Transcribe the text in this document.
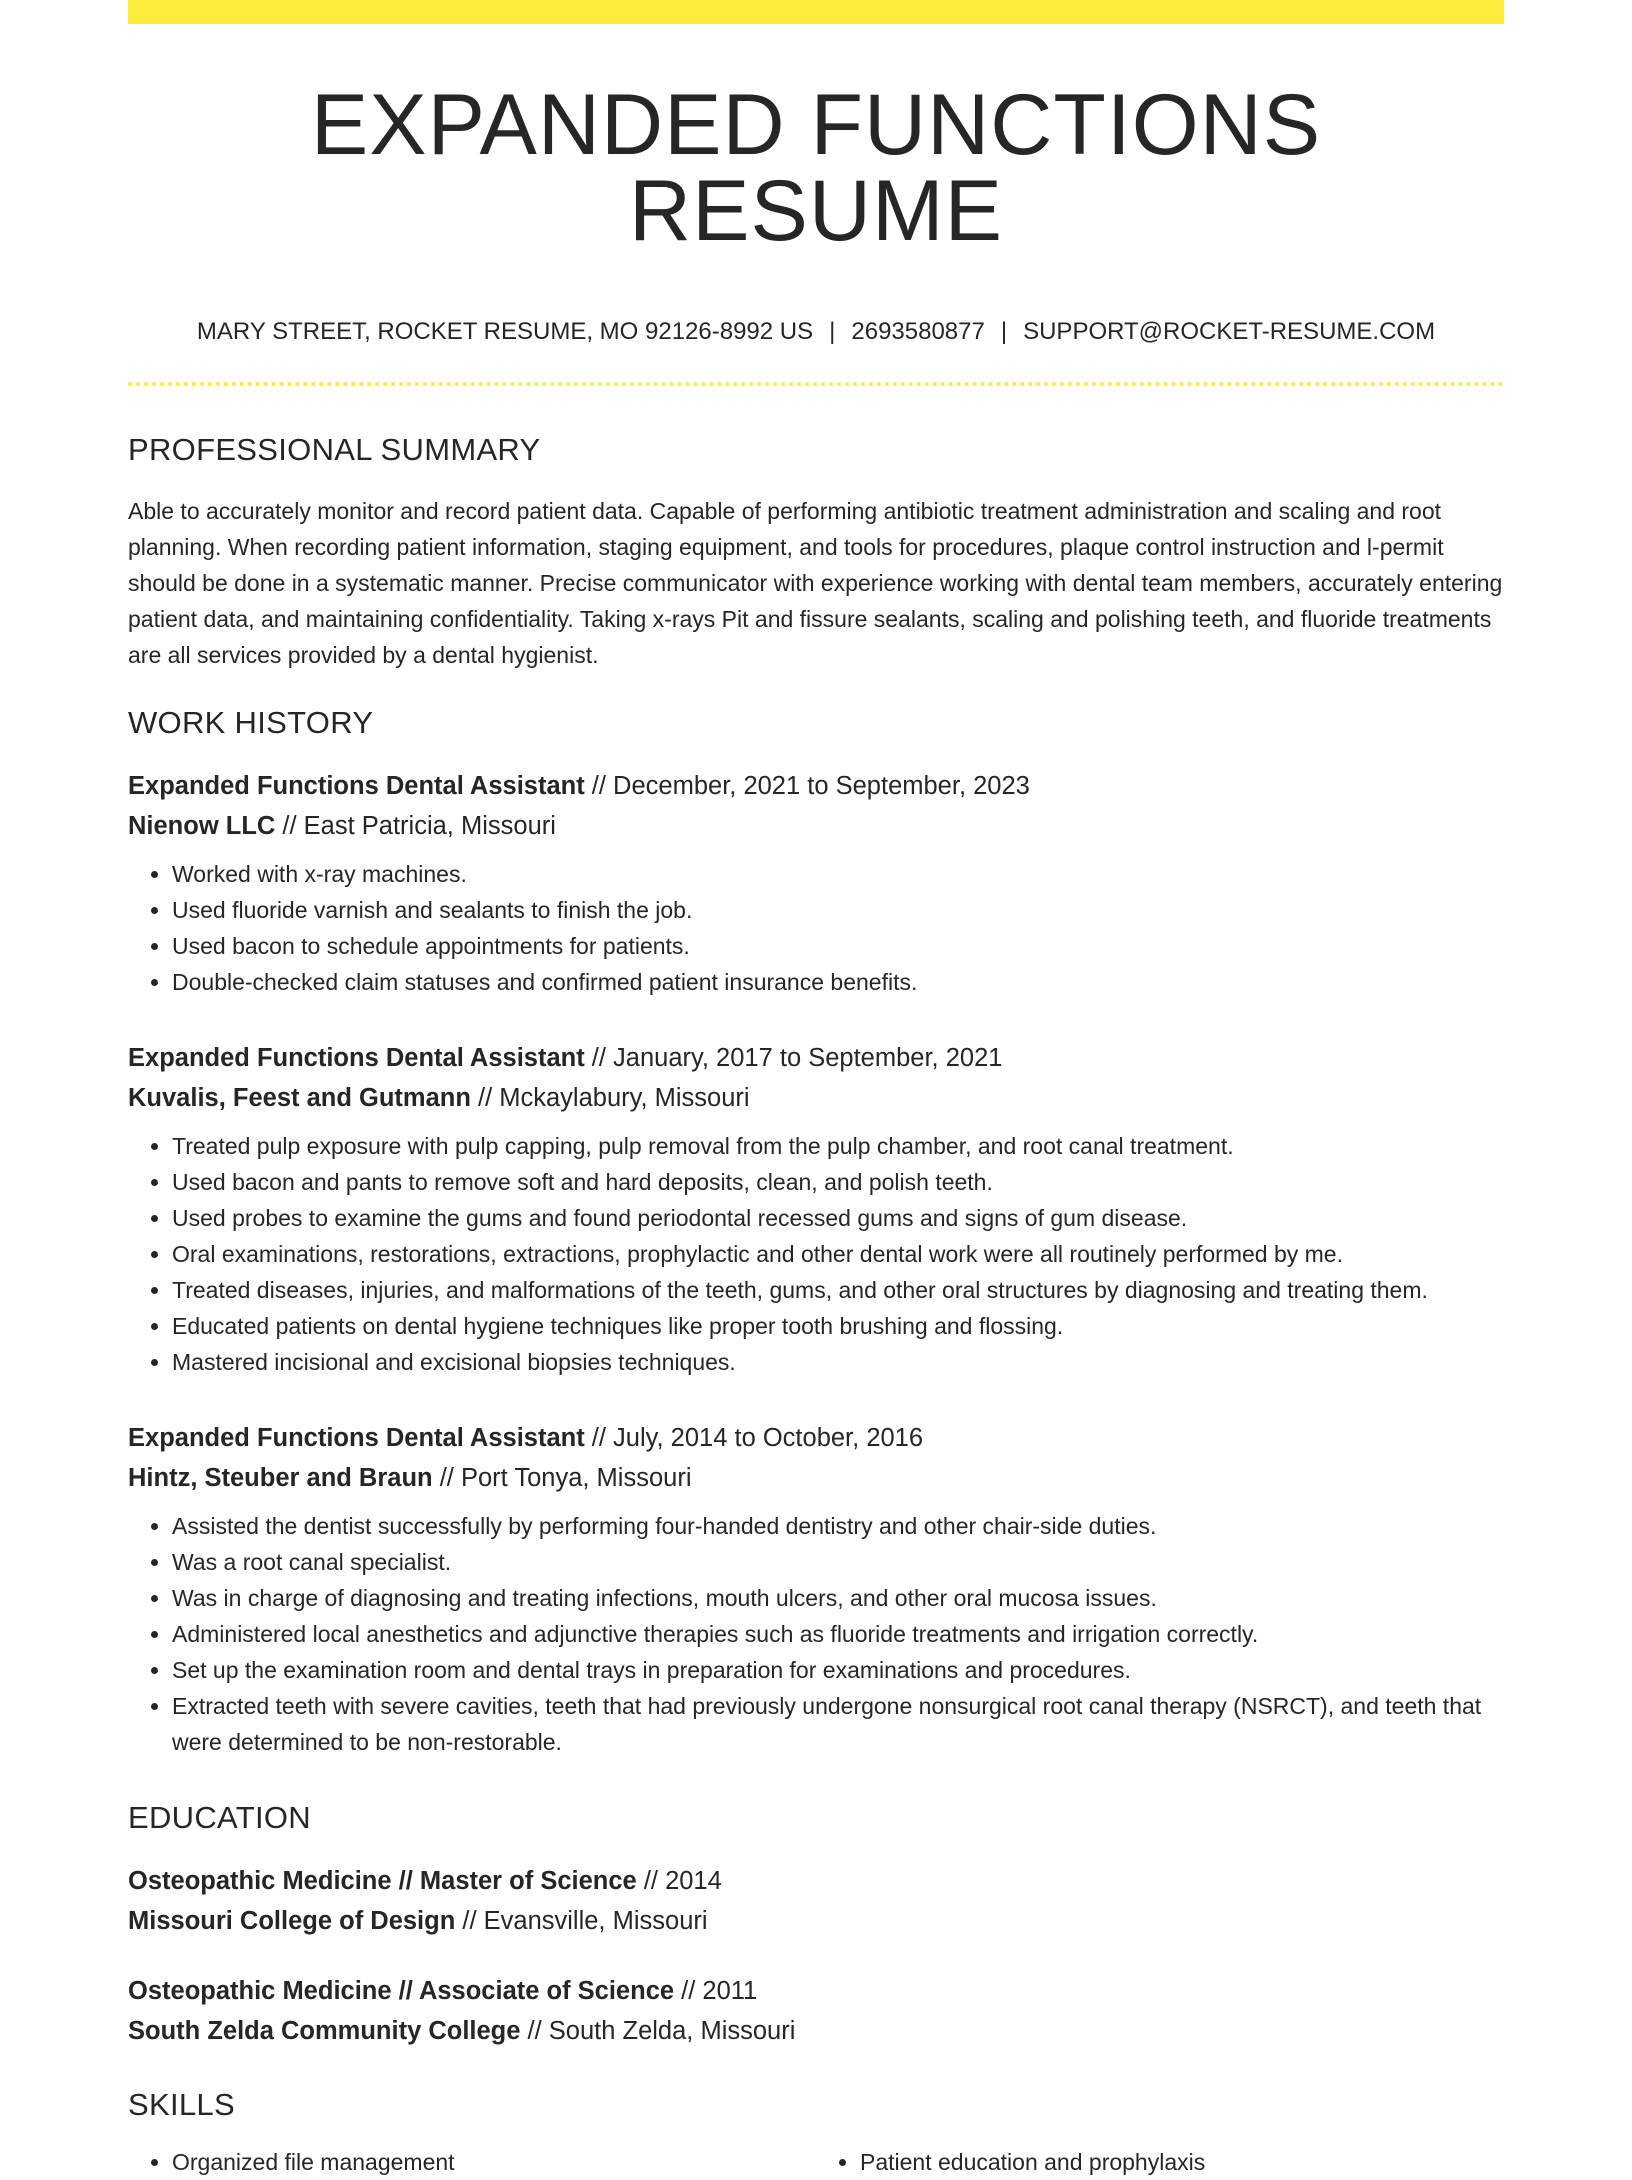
EXPANDED FUNCTIONS RESUME
MARY STREET, ROCKET RESUME, MO 92126-8992 US | 2693580877 | SUPPORT@ROCKET-RESUME.COM
PROFESSIONAL SUMMARY
Able to accurately monitor and record patient data. Capable of performing antibiotic treatment administration and scaling and root planning. When recording patient information, staging equipment, and tools for procedures, plaque control instruction and l-permit should be done in a systematic manner. Precise communicator with experience working with dental team members, accurately entering patient data, and maintaining confidentiality. Taking x-rays Pit and fissure sealants, scaling and polishing teeth, and fluoride treatments are all services provided by a dental hygienist.
WORK HISTORY
Expanded Functions Dental Assistant // December, 2021 to September, 2023
Nienow LLC // East Patricia, Missouri
• Worked with x-ray machines.
• Used fluoride varnish and sealants to finish the job.
• Used bacon to schedule appointments for patients.
• Double-checked claim statuses and confirmed patient insurance benefits.
Expanded Functions Dental Assistant // January, 2017 to September, 2021
Kuvalis, Feest and Gutmann // Mckaylabury, Missouri
• Treated pulp exposure with pulp capping, pulp removal from the pulp chamber, and root canal treatment.
• Used bacon and pants to remove soft and hard deposits, clean, and polish teeth.
• Used probes to examine the gums and found periodontal recessed gums and signs of gum disease.
• Oral examinations, restorations, extractions, prophylactic and other dental work were all routinely performed by me.
• Treated diseases, injuries, and malformations of the teeth, gums, and other oral structures by diagnosing and treating them.
• Educated patients on dental hygiene techniques like proper tooth brushing and flossing.
• Mastered incisional and excisional biopsies techniques.
Expanded Functions Dental Assistant // July, 2014 to October, 2016
Hintz, Steuber and Braun // Port Tonya, Missouri
• Assisted the dentist successfully by performing four-handed dentistry and other chair-side duties.
• Was a root canal specialist.
• Was in charge of diagnosing and treating infections, mouth ulcers, and other oral mucosa issues.
• Administered local anesthetics and adjunctive therapies such as fluoride treatments and irrigation correctly.
• Set up the examination room and dental trays in preparation for examinations and procedures.
• Extracted teeth with severe cavities, teeth that had previously undergone nonsurgical root canal therapy (NSRCT), and teeth that were determined to be non-restorable.
EDUCATION
Osteopathic Medicine // Master of Science // 2014
Missouri College of Design // Evansville, Missouri
Osteopathic Medicine // Associate of Science // 2011
South Zelda Community College // South Zelda, Missouri
SKILLS
• Organized file management
•	Patient education and prophylaxis
